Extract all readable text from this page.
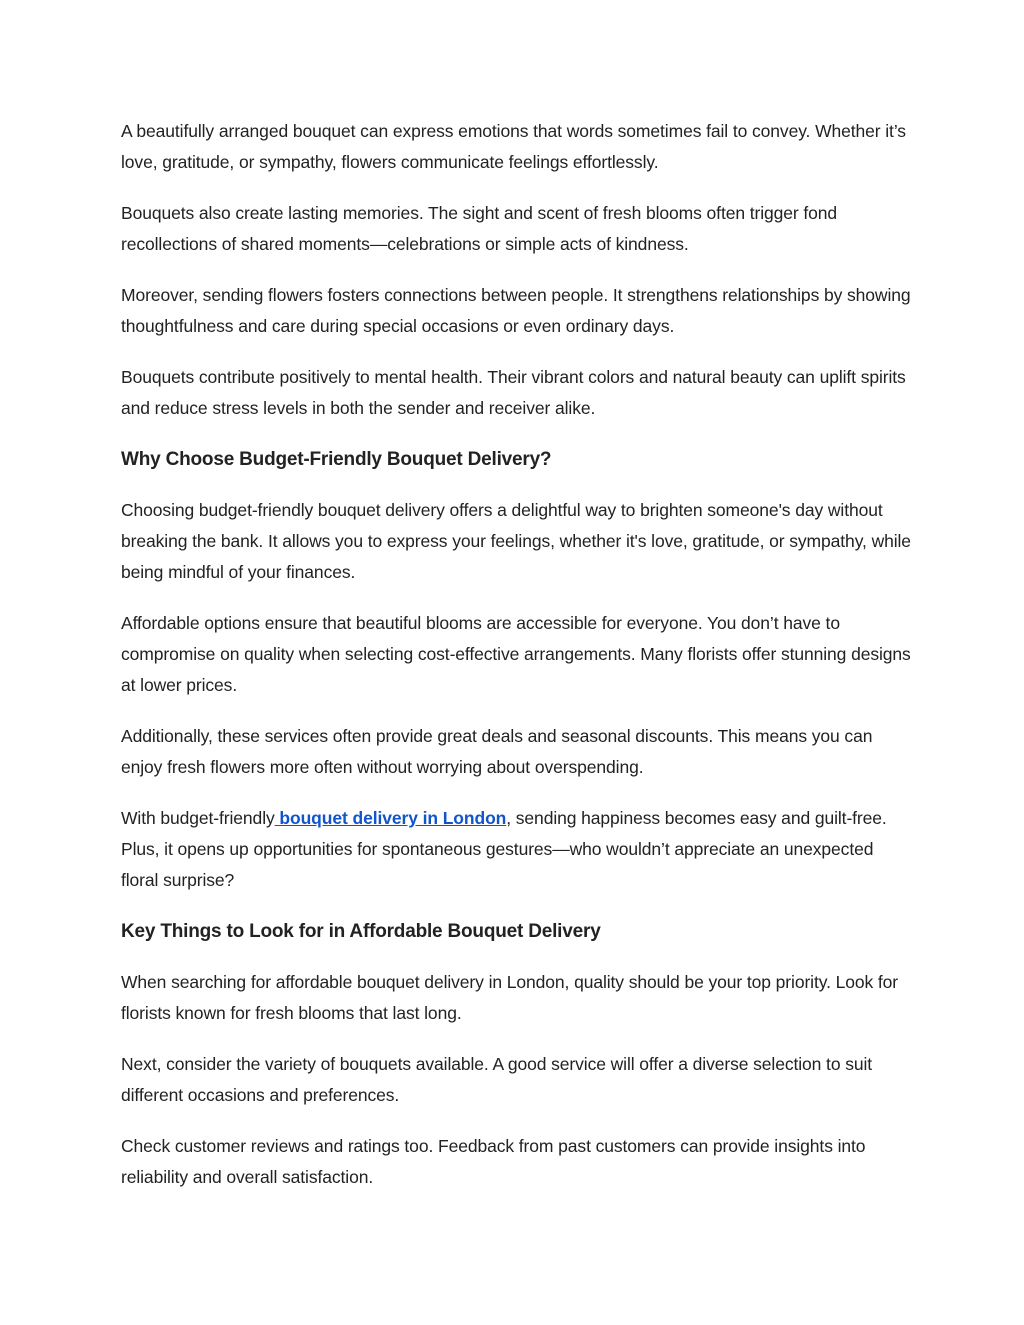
A beautifully arranged bouquet can express emotions that words sometimes fail to convey. Whether it’s love, gratitude, or sympathy, flowers communicate feelings effortlessly.

Bouquets also create lasting memories. The sight and scent of fresh blooms often trigger fond recollections of shared moments—celebrations or simple acts of kindness.

Moreover, sending flowers fosters connections between people. It strengthens relationships by showing thoughtfulness and care during special occasions or even ordinary days.

Bouquets contribute positively to mental health. Their vibrant colors and natural beauty can uplift spirits and reduce stress levels in both the sender and receiver alike.

Why Choose Budget-Friendly Bouquet Delivery?

Choosing budget-friendly bouquet delivery offers a delightful way to brighten someone's day without breaking the bank. It allows you to express your feelings, whether it's love, gratitude, or sympathy, while being mindful of your finances.

Affordable options ensure that beautiful blooms are accessible for everyone. You don’t have to compromise on quality when selecting cost-effective arrangements. Many florists offer stunning designs at lower prices.

Additionally, these services often provide great deals and seasonal discounts. This means you can enjoy fresh flowers more often without worrying about overspending.

With budget-friendly bouquet delivery in London, sending happiness becomes easy and guilt-free. Plus, it opens up opportunities for spontaneous gestures—who wouldn’t appreciate an unexpected floral surprise?

Key Things to Look for in Affordable Bouquet Delivery

When searching for affordable bouquet delivery in London, quality should be your top priority. Look for florists known for fresh blooms that last long.

Next, consider the variety of bouquets available. A good service will offer a diverse selection to suit different occasions and preferences.

Check customer reviews and ratings too. Feedback from past customers can provide insights into reliability and overall satisfaction.
